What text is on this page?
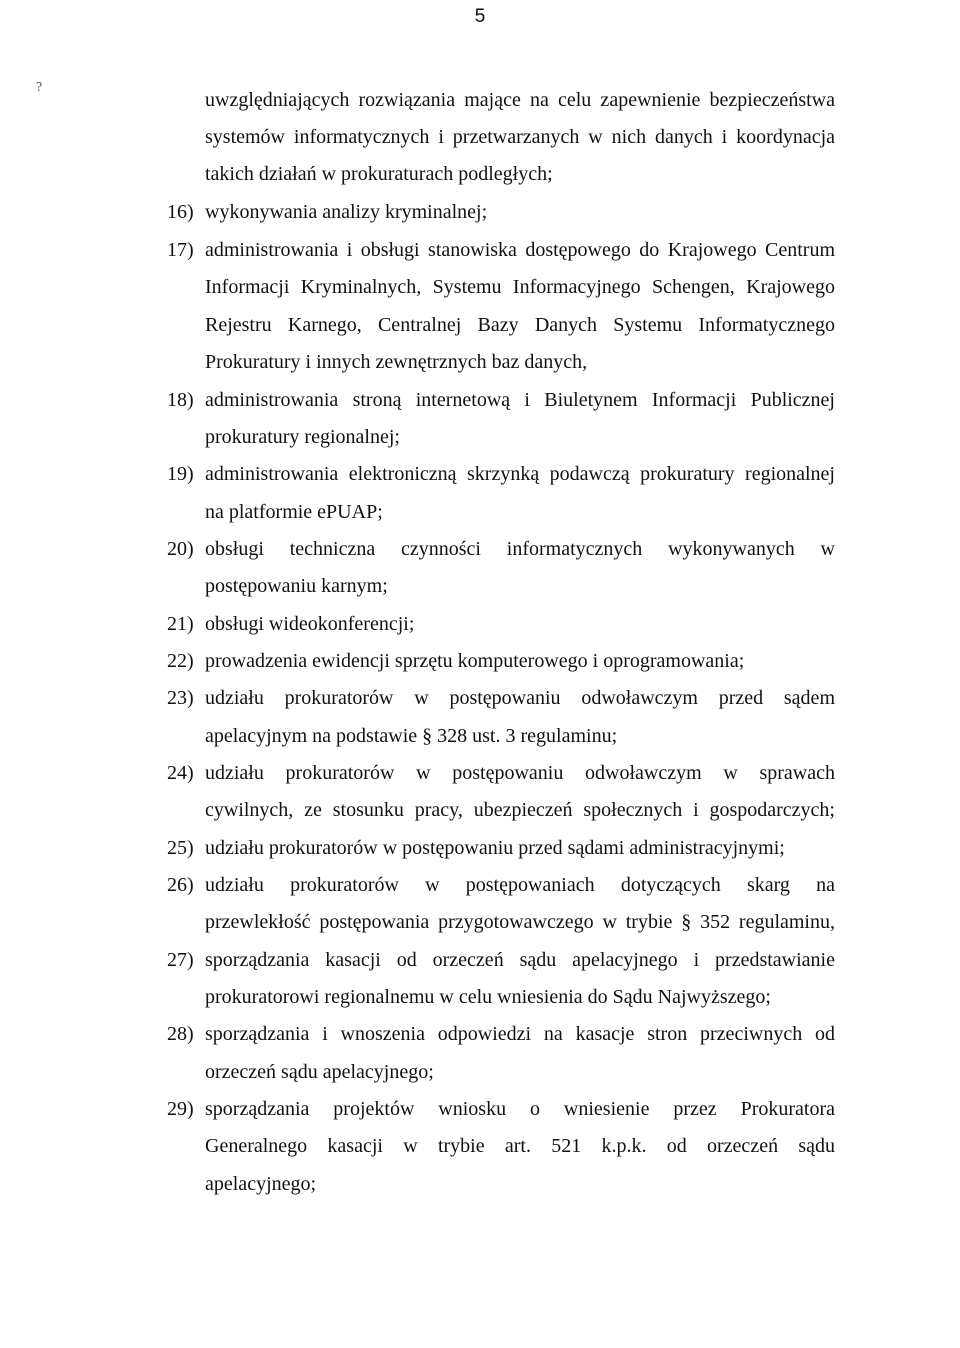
5
?
uwzględniających rozwiązania mające na celu zapewnienie bezpieczeństwa
systemów informatycznych i przetwarzanych w nich danych i koordynacja
takich działań w prokuraturach podległych;
16) wykonywania analizy kryminalnej;
17) administrowania i obsługi stanowiska dostępowego do Krajowego Centrum
Informacji Kryminalnych, Systemu Informacyjnego Schengen, Krajowego
Rejestru Karnego, Centralnej Bazy Danych Systemu Informatycznego
Prokuratury i innych zewnętrznych baz danych,
18) administrowania stroną internetową i Biuletynem Informacji Publicznej
prokuratury regionalnej;
19) administrowania elektroniczną skrzynką podawczą prokuratury regionalnej
na platformie ePUAP;
20) obsługi techniczna czynności informatycznych wykonywanych w
postępowaniu karnym;
21) obsługi wideokonferencji;
22) prowadzenia ewidencji sprzętu komputerowego i oprogramowania;
23) udziału prokuratorów w postępowaniu odwoławczym przed sądem
apelacyjnym na podstawie § 328 ust. 3 regulaminu;
24) udziału prokuratorów w postępowaniu odwoławczym w sprawach
cywilnych, ze stosunku pracy, ubezpieczeń społecznych i gospodarczych;
25) udziału prokuratorów w postępowaniu przed sądami administracyjnymi;
26) udziału prokuratorów w postępowaniach dotyczących skarg na
przewlekłość postępowania przygotowawczego w trybie § 352 regulaminu,
27) sporządzania kasacji od orzeczeń sądu apelacyjnego i przedstawianie
prokuratorowi regionalnemu w celu wniesienia do Sądu Najwyższego;
28) sporządzania i wnoszenia odpowiedzi na kasacje stron przeciwnych od
orzeczeń sądu apelacyjnego;
29) sporządzania projektów wniosku o wniesienie przez Prokuratora
Generalnego kasacji w trybie art. 521 k.p.k. od orzeczeń sądu
apelacyjnego;
